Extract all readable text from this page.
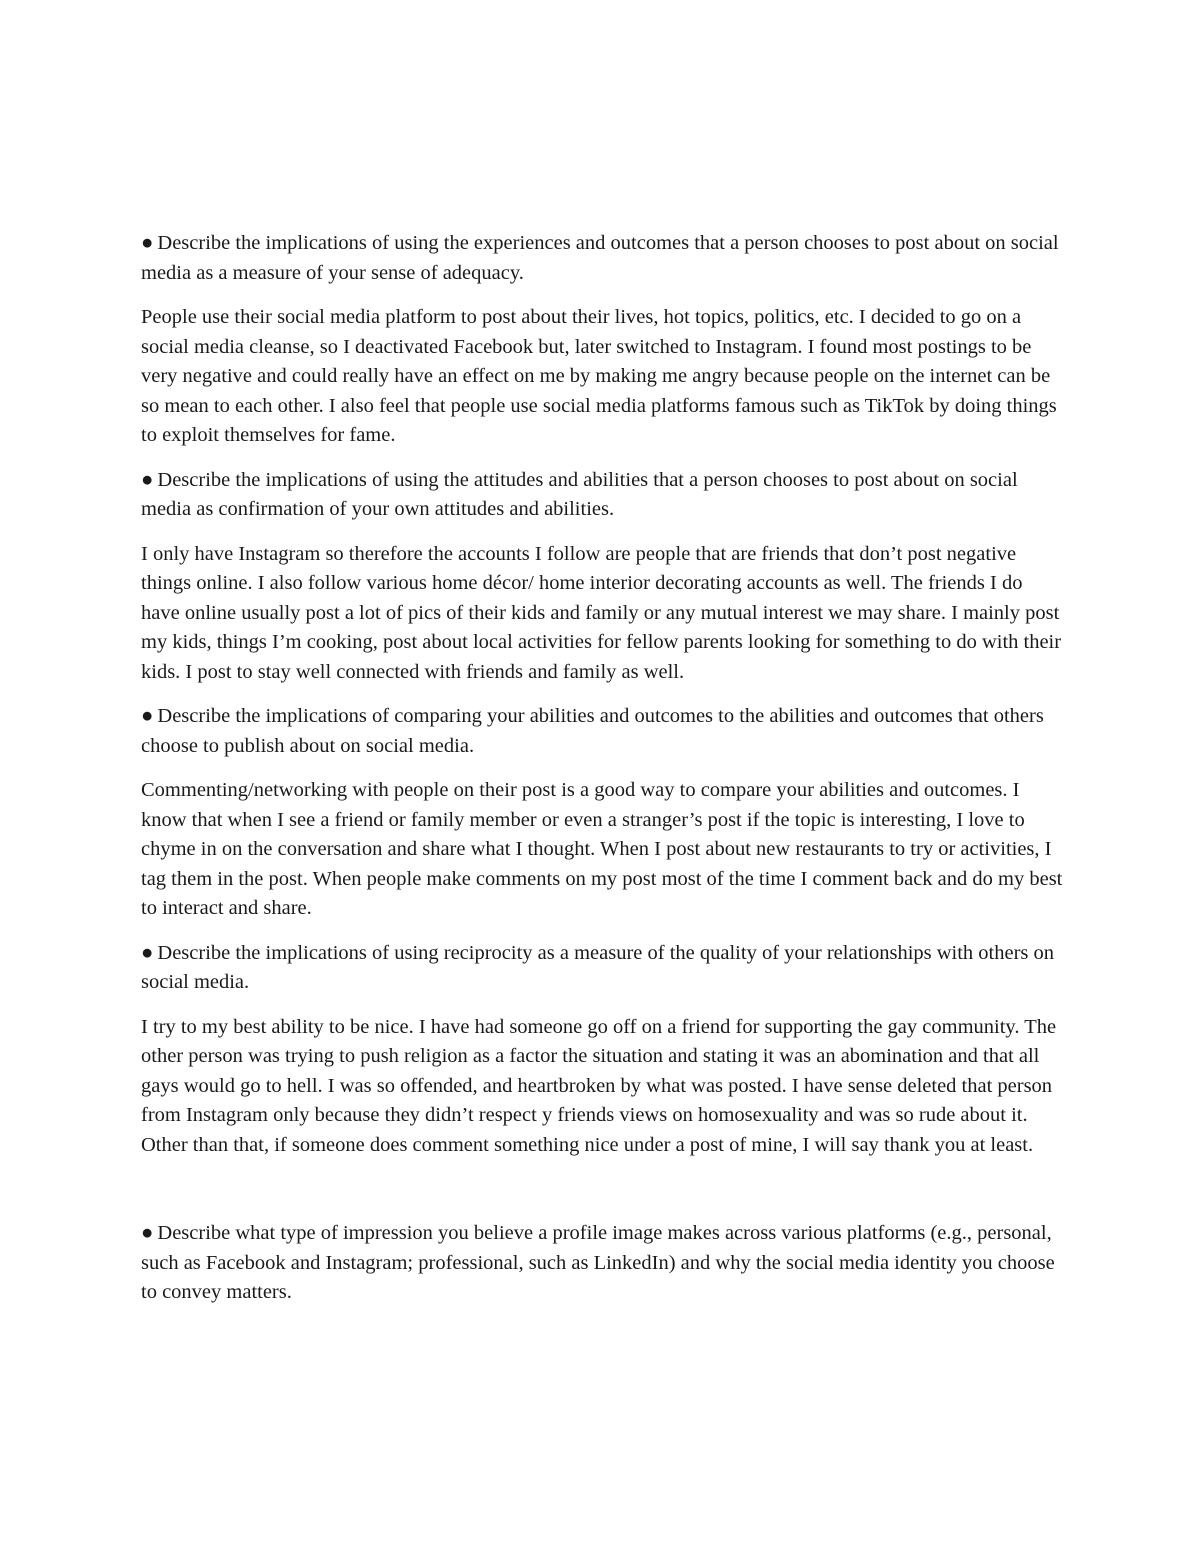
● Describe the implications of using the experiences and outcomes that a person chooses to post about on social media as a measure of your sense of adequacy.

People use their social media platform to post about their lives, hot topics, politics, etc. I decided to go on a social media cleanse, so I deactivated Facebook but, later switched to Instagram. I found most postings to be very negative and could really have an effect on me by making me angry because people on the internet can be so mean to each other. I also feel that people use social media platforms famous such as TikTok by doing things to exploit themselves for fame.

● Describe the implications of using the attitudes and abilities that a person chooses to post about on social media as confirmation of your own attitudes and abilities.

I only have Instagram so therefore the accounts I follow are people that are friends that don’t post negative things online. I also follow various home décor/ home interior decorating accounts as well. The friends I do have online usually post a lot of pics of their kids and family or any mutual interest we may share. I mainly post my kids, things I’m cooking, post about local activities for fellow parents looking for something to do with their kids. I post to stay well connected with friends and family as well.

● Describe the implications of comparing your abilities and outcomes to the abilities and outcomes that others choose to publish about on social media.

Commenting/networking with people on their post is a good way to compare your abilities and outcomes. I know that when I see a friend or family member or even a stranger’s post if the topic is interesting, I love to chyme in on the conversation and share what I thought. When I post about new restaurants to try or activities, I tag them in the post. When people make comments on my post most of the time I comment back and do my best to interact and share.

● Describe the implications of using reciprocity as a measure of the quality of your relationships with others on social media.

I try to my best ability to be nice. I have had someone go off on a friend for supporting the gay community. The other person was trying to push religion as a factor the situation and stating it was an abomination and that all gays would go to hell. I was so offended, and heartbroken by what was posted. I have sense deleted that person from Instagram only because they didn’t respect y friends views on homosexuality and was so rude about it. Other than that, if someone does comment something nice under a post of mine, I will say thank you at least.

● Describe what type of impression you believe a profile image makes across various platforms (e.g., personal, such as Facebook and Instagram; professional, such as LinkedIn) and why the social media identity you choose to convey matters.
